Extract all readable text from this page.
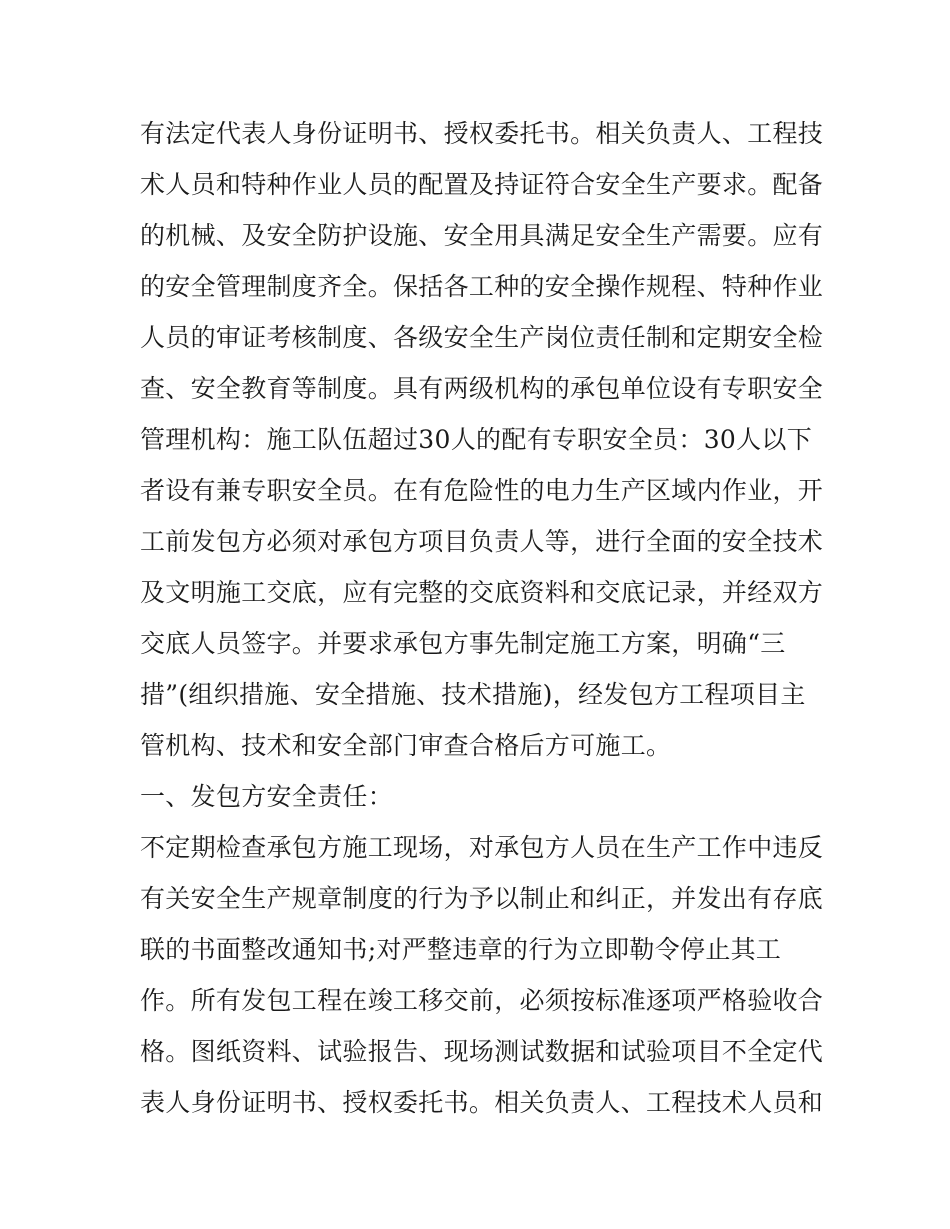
有法定代表人身份证明书、授权委托书。相关负责人、工程技
术人员和特种作业人员的配置及持证符合安全生产要求。配备
的机械、及安全防护设施、安全用具满足安全生产需要。应有
的安全管理制度齐全。保括各工种的安全操作规程、特种作业
人员的审证考核制度、各级安全生产岗位责任制和定期安全检
查、安全教育等制度。具有两级机构的承包单位设有专职安全
管理机构：施工队伍超过30人的配有专职安全员：30人以下
者设有兼专职安全员。在有危险性的电力生产区域内作业，开
工前发包方必须对承包方项目负责人等，进行全面的安全技术
及文明施工交底，应有完整的交底资料和交底记录，并经双方
交底人员签字。并要求承包方事先制定施工方案，明确“三
措”(组织措施、安全措施、技术措施)，经发包方工程项目主
管机构、技术和安全部门审查合格后方可施工。
一、发包方安全责任：
不定期检查承包方施工现场，对承包方人员在生产工作中违反
有关安全生产规章制度的行为予以制止和纠正，并发出有存底
联的书面整改通知书;对严整违章的行为立即勒令停止其工
作。所有发包工程在竣工移交前，必须按标准逐项严格验收合
格。图纸资料、试验报告、现场测试数据和试验项目不全定代
表人身份证明书、授权委托书。相关负责人、工程技术人员和
